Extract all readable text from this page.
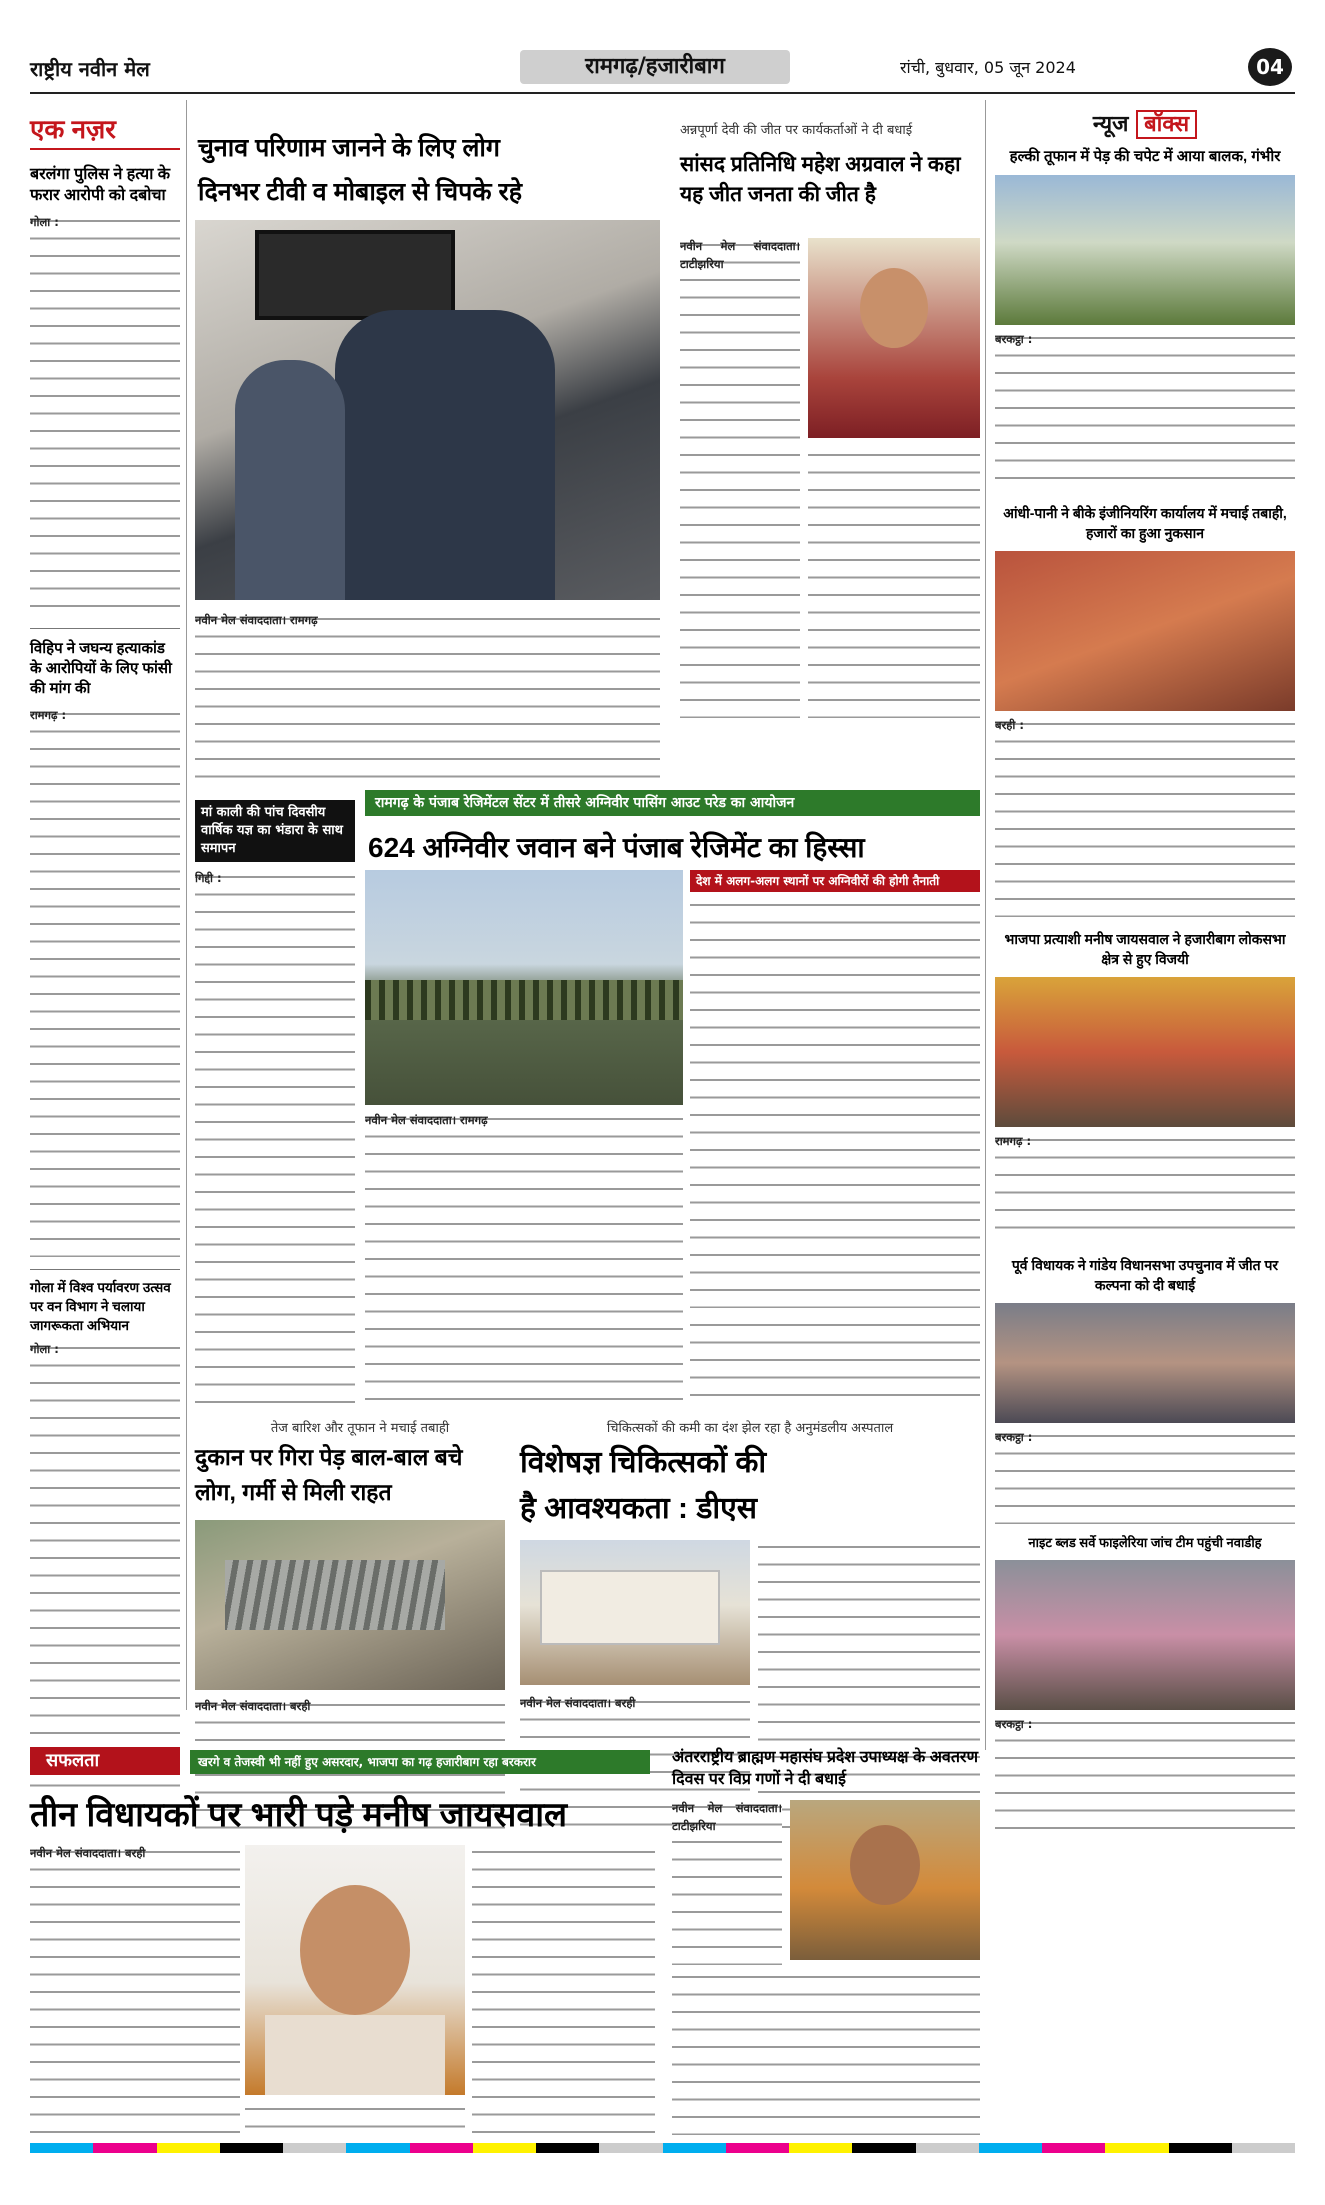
राष्ट्रीय नवीन मेल	रामगढ़/हजारीबाग	रांची, बुधवार, 05 जून 2024	04
एक नज़र
बरलंगा पुलिस ने हत्या के फरार आरोपी को दबोचा
गोला :
विहिप ने जघन्य हत्याकांड के आरोपियों के लिए फांसी की मांग की
रामगढ़ :
गोला में विश्व पर्यावरण उत्सव पर वन विभाग ने चलाया जागरूकता अभियान
गोला :
चुनाव परिणाम जानने के लिए लोग
दिनभर टीवी व मोबाइल से चिपके रहे
नवीन मेल संवाददाता। रामगढ़
अन्नपूर्णा देवी की जीत पर कार्यकर्ताओं ने दी बधाई
सांसद प्रतिनिधि महेश अग्रवाल ने कहा यह जीत जनता की जीत है
नवीन मेल संवाददाता। टाटीझरिया
मां काली की पांच दिवसीय वार्षिक यज्ञ का भंडारा के साथ समापन
गिद्दी :
रामगढ़ के पंजाब रेजिमेंटल सेंटर में तीसरे अग्निवीर पासिंग आउट परेड का आयोजन
624 अग्निवीर जवान बने पंजाब रेजिमेंट का हिस्सा
देश में अलग-अलग स्थानों पर अग्निवीरों की होगी तैनाती
नवीन मेल संवाददाता। रामगढ़
तेज बारिश और तूफान ने मचाई तबाही
दुकान पर गिरा पेड़ बाल-बाल बचे लोग, गर्मी से मिली राहत
नवीन मेल संवाददाता। बरही
चिकित्सकों की कमी का दंश झेल रहा है अनुमंडलीय अस्पताल
विशेषज्ञ चिकित्सकों की
है आवश्यकता : डीएस
नवीन मेल संवाददाता। बरही
न्यूज बॉक्स
हल्की तूफान में पेड़ की चपेट में आया बालक, गंभीर
बरकट्ठा :
आंधी-पानी ने बीके इंजीनियरिंग कार्यालय में मचाई तबाही, हजारों का हुआ नुकसान
बरही :
भाजपा प्रत्याशी मनीष जायसवाल ने हजारीबाग लोकसभा क्षेत्र से हुए विजयी
रामगढ़ :
पूर्व विधायक ने गांडेय विधानसभा उपचुनाव में जीत पर कल्पना को दी बधाई
बरकट्ठा :
नाइट ब्लड सर्वे फाइलेरिया जांच टीम पहुंची नवाडीह
बरकट्ठा :
सफलता	खरगे व तेजस्वी भी नहीं हुए असरदार, भाजपा का गढ़ हजारीबाग रहा बरकरार
तीन विधायकों पर भारी पड़े मनीष जायसवाल
नवीन मेल संवाददाता। बरही
अंतरराष्ट्रीय ब्राह्मण महासंघ प्रदेश उपाध्यक्ष के अवतरण दिवस पर विप्र गणों ने दी बधाई
नवीन मेल संवाददाता। टाटीझरिया
